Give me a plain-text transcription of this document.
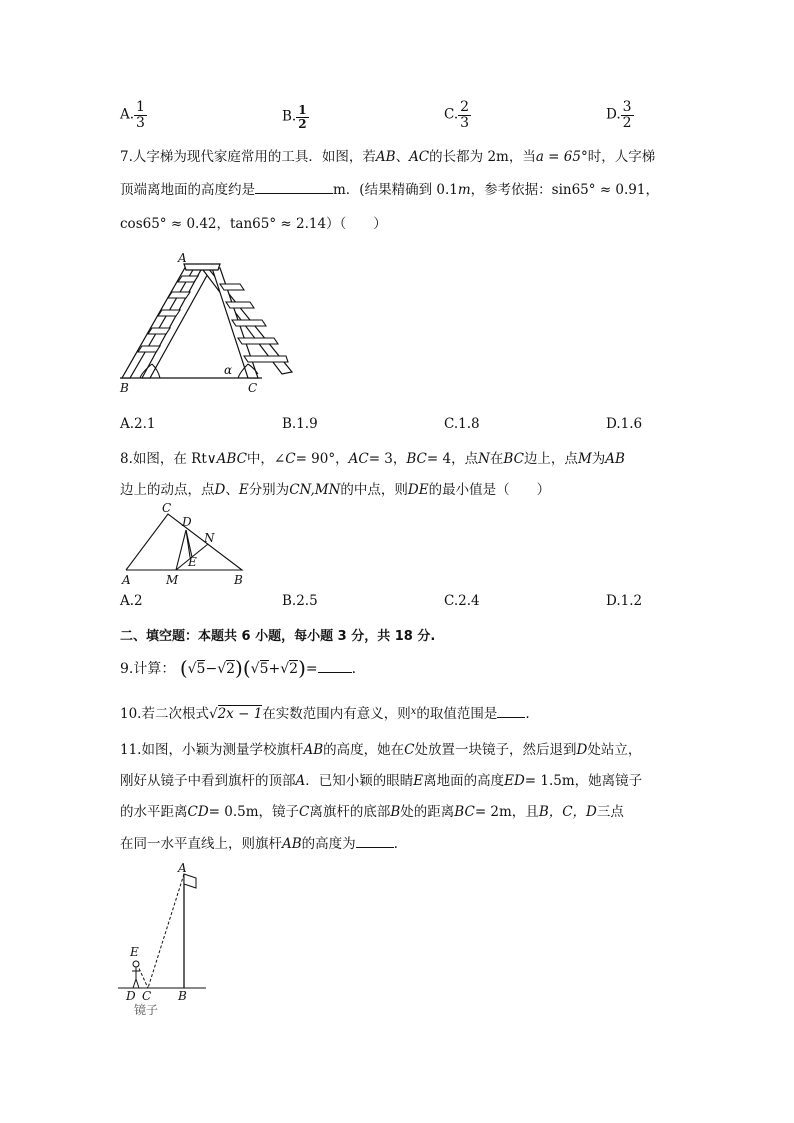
A. $\frac{1}{3}$	B. $\frac{1}{2}$	C. $\frac{2}{3}$	D. $\frac{3}{2}$
7.人字梯为现代家庭常用的工具．如图，若AB、AC的长都为 2m，当a = 65°时，人字梯
顶端离地面的高度约是	m．(结果精确到 0.1m，参考依据：sin65° ≈ 0.91，
cos65° ≈ 0.42，tan65° ≈ 2.14）（　　）
A
B	C
α
A.2.1	B.1.9	C.1.8	D.1.6
8.如图，在 Rt∨ABC中，∠C= 90°，AC= 3，BC= 4，点N在BC边上，点M为AB
边上的动点，点D、E分别为CN,MN的中点，则DE的最小值是（　　）
C
D
N
E
A	M	B
A.2	B.2.5	C.2.4	D.1.2
二、填空题：本题共 6 小题，每小题 3 分，共 18 分.
9.计算： (√5−√2)(√5+√2)= .
10.若二次根式√2x − 1在实数范围内有意义，则$^x$的取值范围是 .
11.如图，小颖为测量学校旗杆AB的高度，她在C处放置一块镜子，然后退到D处站立，
刚好从镜子中看到旗杆的顶部A．已知小颖的眼睛E离地面的高度ED= 1.5m，她离镜子
的水平距离CD= 0.5m，镜子C离旗杆的底部B处的距离BC= 2m，且B，C，D三点
在同一水平直线上，则旗杆AB的高度为	.
A
E
D C B
镜子
